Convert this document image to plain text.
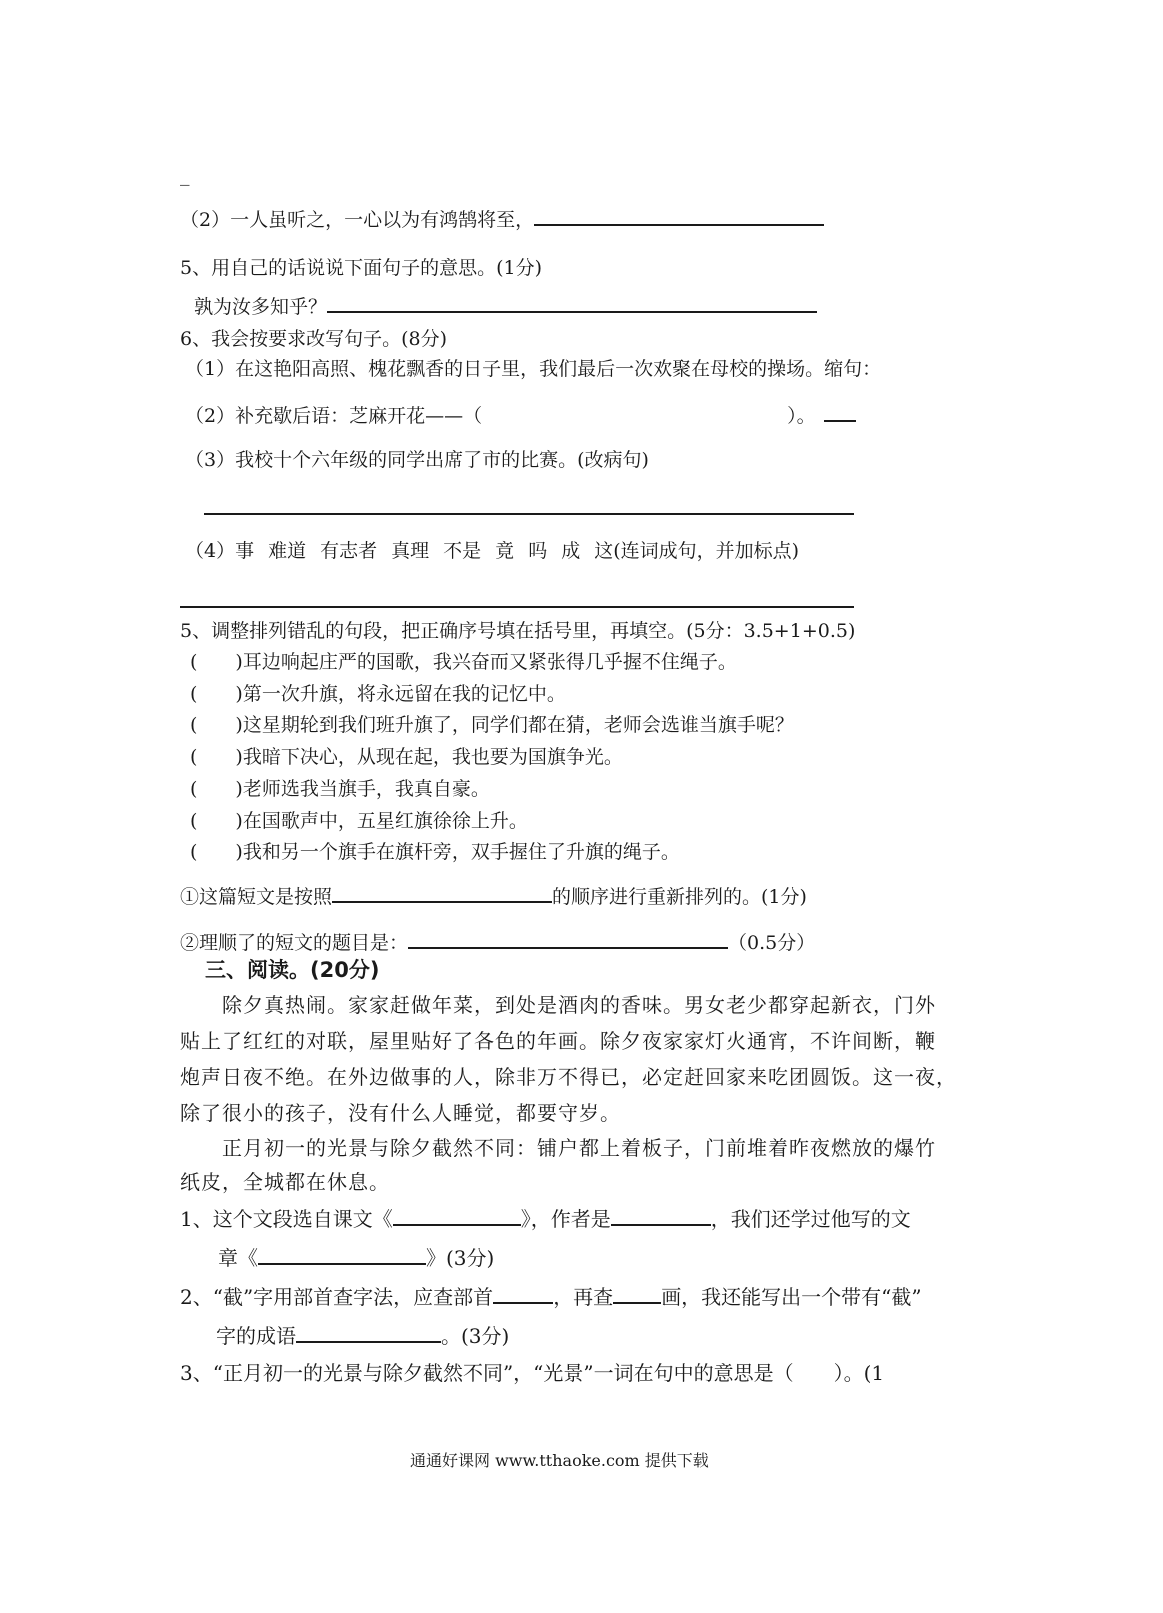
_
（2）一人虽听之，一心以为有鸿鹄将至，
5、用自己的话说说下面句子的意思。(1分)
孰为汝多知乎？
6、我会按要求改写句子。(8分)
（1）在这艳阳高照、槐花飘香的日子里，我们最后一次欢聚在母校的操场。缩句：
（2）补充歇后语：芝麻开花——（	）。
（3）我校十个六年级的同学出席了市的比赛。(改病句)
（4）事 难道 有志者 真理 不是 竟 吗 成 这(连词成句，并加标点)
5、调整排列错乱的句段，把正确序号填在括号里，再填空。(5分：3.5+1+0.5)
(　　)耳边响起庄严的国歌，我兴奋而又紧张得几乎握不住绳子。
(　　)第一次升旗，将永远留在我的记忆中。
(　　)这星期轮到我们班升旗了，同学们都在猜，老师会选谁当旗手呢？
(　　)我暗下决心，从现在起，我也要为国旗争光。
(　　)老师选我当旗手，我真自豪。
(　　)在国歌声中，五星红旗徐徐上升。
(　　)我和另一个旗手在旗杆旁，双手握住了升旗的绳子。
①这篇短文是按照	的顺序进行重新排列的。(1分)
②理顺了的短文的题目是：	（0.5分）
三、阅读。(20分)
　　除夕真热闹。家家赶做年菜，到处是酒肉的香味。男女老少都穿起新衣，门外
贴上了红红的对联，屋里贴好了各色的年画。除夕夜家家灯火通宵，不许间断，鞭
炮声日夜不绝。在外边做事的人，除非万不得已，必定赶回家来吃团圆饭。这一夜，
除了很小的孩子，没有什么人睡觉，都要守岁。
　　正月初一的光景与除夕截然不同：铺户都上着板子，门前堆着昨夜燃放的爆竹
纸皮，全城都在休息。
1、这个文段选自课文《	》，作者是	，我们还学过他写的文
章《	》(3分)
2、“截”字用部首查字法，应查部首	，再查 画，我还能写出一个带有“截”
字的成语	。(3分)
3、“正月初一的光景与除夕截然不同”，“光景”一词在句中的意思是（　　）。(1
通通好课网 www.tthaoke.com 提供下载
